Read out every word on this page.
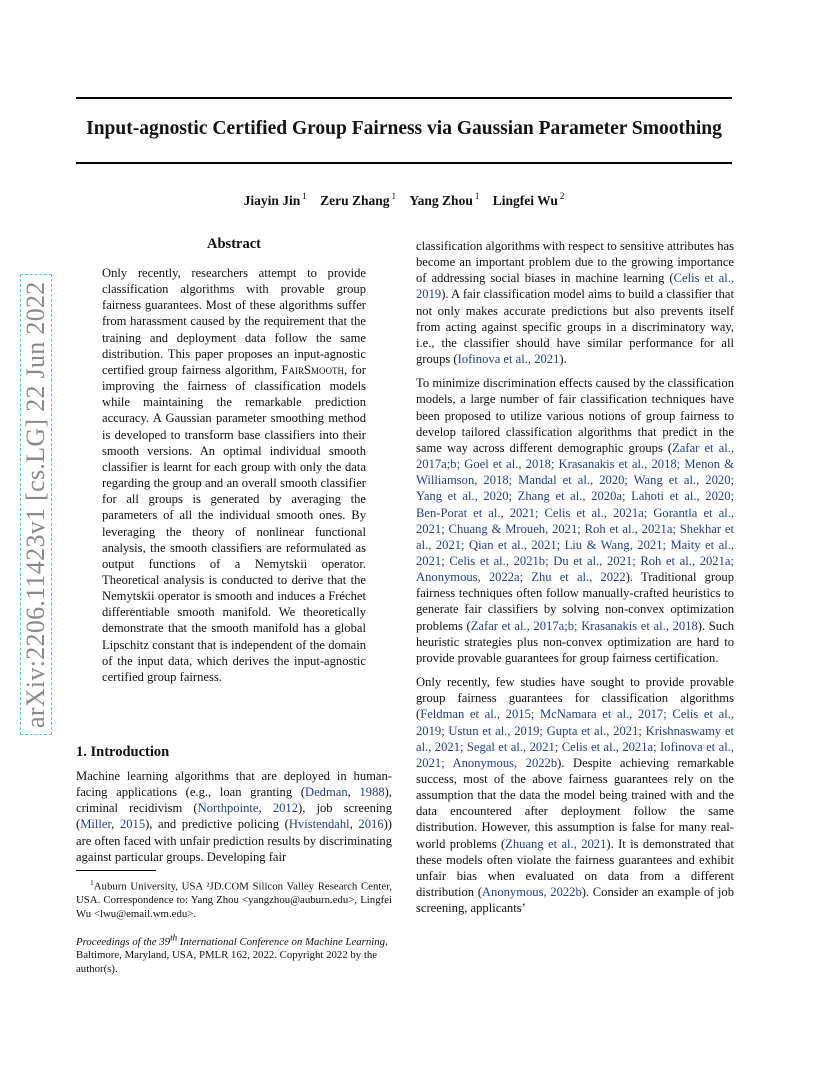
Input-agnostic Certified Group Fairness via Gaussian Parameter Smoothing
Jiayin Jin $^1$ Zeru Zhang $^1$ Yang Zhou $^1$ Lingfei Wu $^2$
arXiv:2206.11423v1 [cs.LG] 22 Jun 2022
Abstract
Only recently, researchers attempt to provide classification algorithms with provable group fairness guarantees. Most of these algorithms suffer from harassment caused by the requirement that the training and deployment data follow the same distribution. This paper proposes an input-agnostic certified group fairness algorithm, FairSmooth, for improving the fairness of classification models while maintaining the remarkable prediction accuracy. A Gaussian parameter smoothing method is developed to transform base classifiers into their smooth versions. An optimal individual smooth classifier is learnt for each group with only the data regarding the group and an overall smooth classifier for all groups is generated by averaging the parameters of all the individual smooth ones. By leveraging the theory of nonlinear functional analysis, the smooth classifiers are reformulated as output functions of a Nemytskii operator. Theoretical analysis is conducted to derive that the Nemytskii operator is smooth and induces a Fréchet differentiable smooth manifold. We theoretically demonstrate that the smooth manifold has a global Lipschitz constant that is independent of the domain of the input data, which derives the input-agnostic certified group fairness.
1. Introduction
Machine learning algorithms that are deployed in human-facing applications (e.g., loan granting (Dedman, 1988), criminal recidivism (Northpointe, 2012), job screening (Miller, 2015), and predictive policing (Hvistendahl, 2016)) are often faced with unfair prediction results by discriminating against particular groups. Developing fair
$^1$Auburn University, USA ²JD.COM Silicon Valley Research Center, USA. Correspondence to: Yang Zhou <yangzhou@auburn.edu>, Lingfei Wu <lwu@email.wm.edu>.
Proceedings of the 39th International Conference on Machine Learning, Baltimore, Maryland, USA, PMLR 162, 2022. Copyright 2022 by the author(s).

classification algorithms with respect to sensitive attributes has become an important problem due to the growing importance of addressing social biases in machine learning (Celis et al., 2019). A fair classification model aims to build a classifier that not only makes accurate predictions but also prevents itself from acting against specific groups in a discriminatory way, i.e., the classifier should have similar performance for all groups (Iofinova et al., 2021).

To minimize discrimination effects caused by the classification models, a large number of fair classification techniques have been proposed to utilize various notions of group fairness to develop tailored classification algorithms that predict in the same way across different demographic groups (Zafar et al., 2017a;b; Goel et al., 2018; Krasanakis et al., 2018; Menon & Williamson, 2018; Mandal et al., 2020; Wang et al., 2020; Yang et al., 2020; Zhang et al., 2020a; Lahoti et al., 2020; Ben-Porat et al., 2021; Celis et al., 2021a; Gorantla et al., 2021; Chuang & Mroueh, 2021; Roh et al., 2021a; Shekhar et al., 2021; Qian et al., 2021; Liu & Wang, 2021; Maity et al., 2021; Celis et al., 2021b; Du et al., 2021; Roh et al., 2021a; Anonymous, 2022a; Zhu et al., 2022). Traditional group fairness techniques often follow manually-crafted heuristics to generate fair classifiers by solving non-convex optimization problems (Zafar et al., 2017a;b; Krasanakis et al., 2018). Such heuristic strategies plus non-convex optimization are hard to provide provable guarantees for group fairness certification.

Only recently, few studies have sought to provide provable group fairness guarantees for classification algorithms (Feldman et al., 2015; McNamara et al., 2017; Celis et al., 2019; Ustun et al., 2019; Gupta et al., 2021; Krishnaswamy et al., 2021; Segal et al., 2021; Celis et al., 2021a; Iofinova et al., 2021; Anonymous, 2022b). Despite achieving remarkable success, most of the above fairness guarantees rely on the assumption that the data the model being trained with and the data encountered after deployment follow the same distribution. However, this assumption is false for many real-world problems (Zhuang et al., 2021). It is demonstrated that these models often violate the fairness guarantees and exhibit unfair bias when evaluated on data from a different distribution (Anonymous, 2022b). Consider an example of job screening, applicants’
